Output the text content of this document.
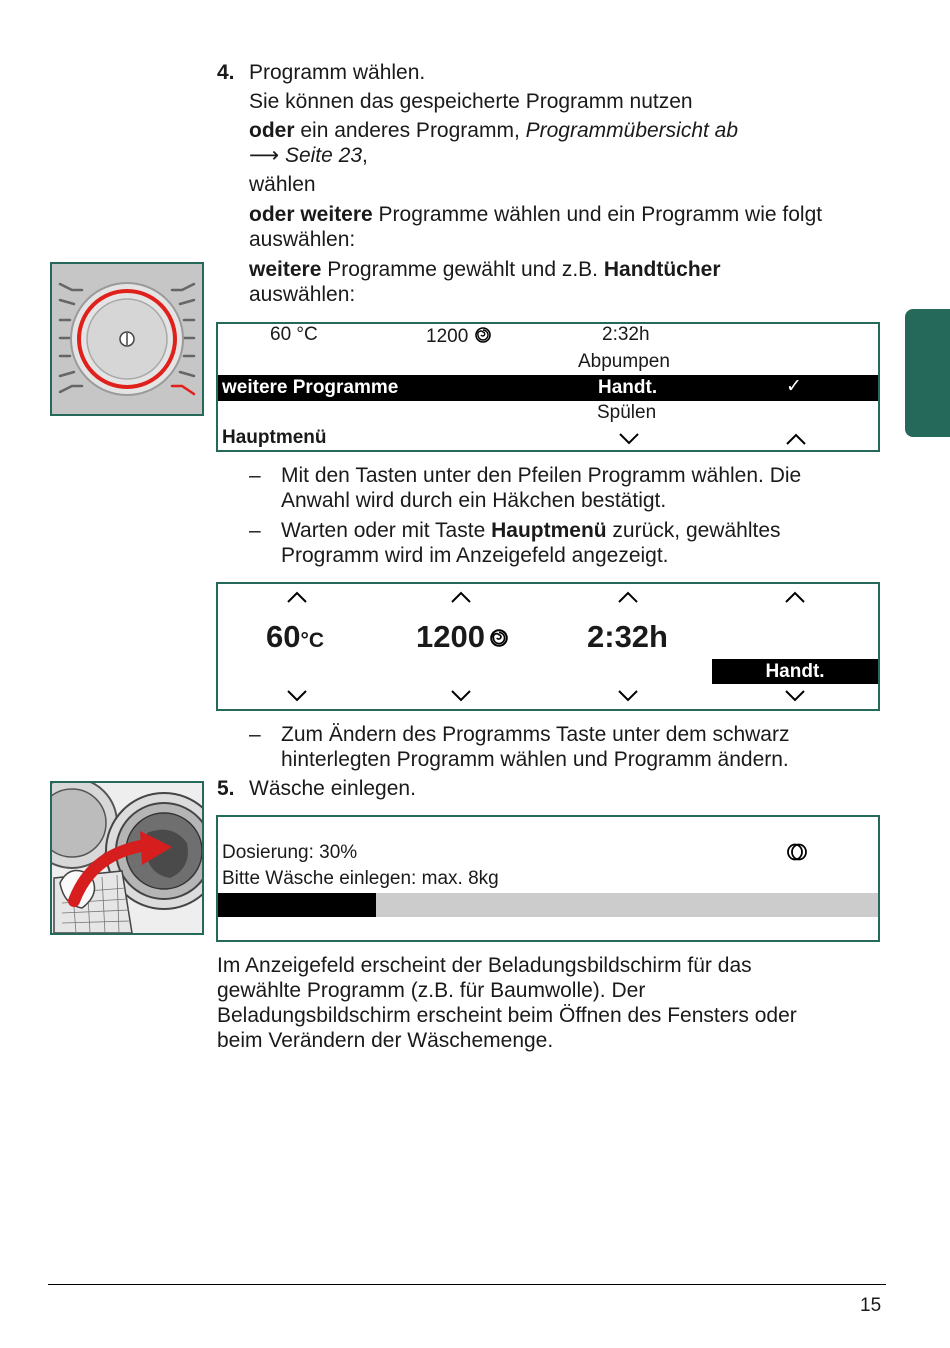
4. Programm wählen.
Sie können das gespeicherte Programm nutzen
oder ein anderes Programm, Programmübersicht ab
⟶ Seite 23,
wählen
oder weitere Programme wählen und ein Programm wie folgt
auswählen:
weitere Programme gewählt und z.B. Handtücher
auswählen:
60 °C	1200	2:32h
Abpumpen
weitere Programme	Handt.	✓
Spülen
Hauptmenü
– Mit den Tasten unter den Pfeilen Programm wählen. Die
Anwahl wird durch ein Häkchen bestätigt.
– Warten oder mit Taste Hauptmenü zurück, gewähltes
Programm wird im Anzeigefeld angezeigt.
60°C	1200	2:32h
Handt.
– Zum Ändern des Programms Taste unter dem schwarz
hinterlegten Programm wählen und Programm ändern.
5. Wäsche einlegen.
Dosierung: 30%
Bitte Wäsche einlegen: max. 8kg
Im Anzeigefeld erscheint der Beladungsbildschirm für das
gewählte Programm (z.B. für Baumwolle). Der
Beladungsbildschirm erscheint beim Öffnen des Fensters oder
beim Verändern der Wäschemenge.
15
